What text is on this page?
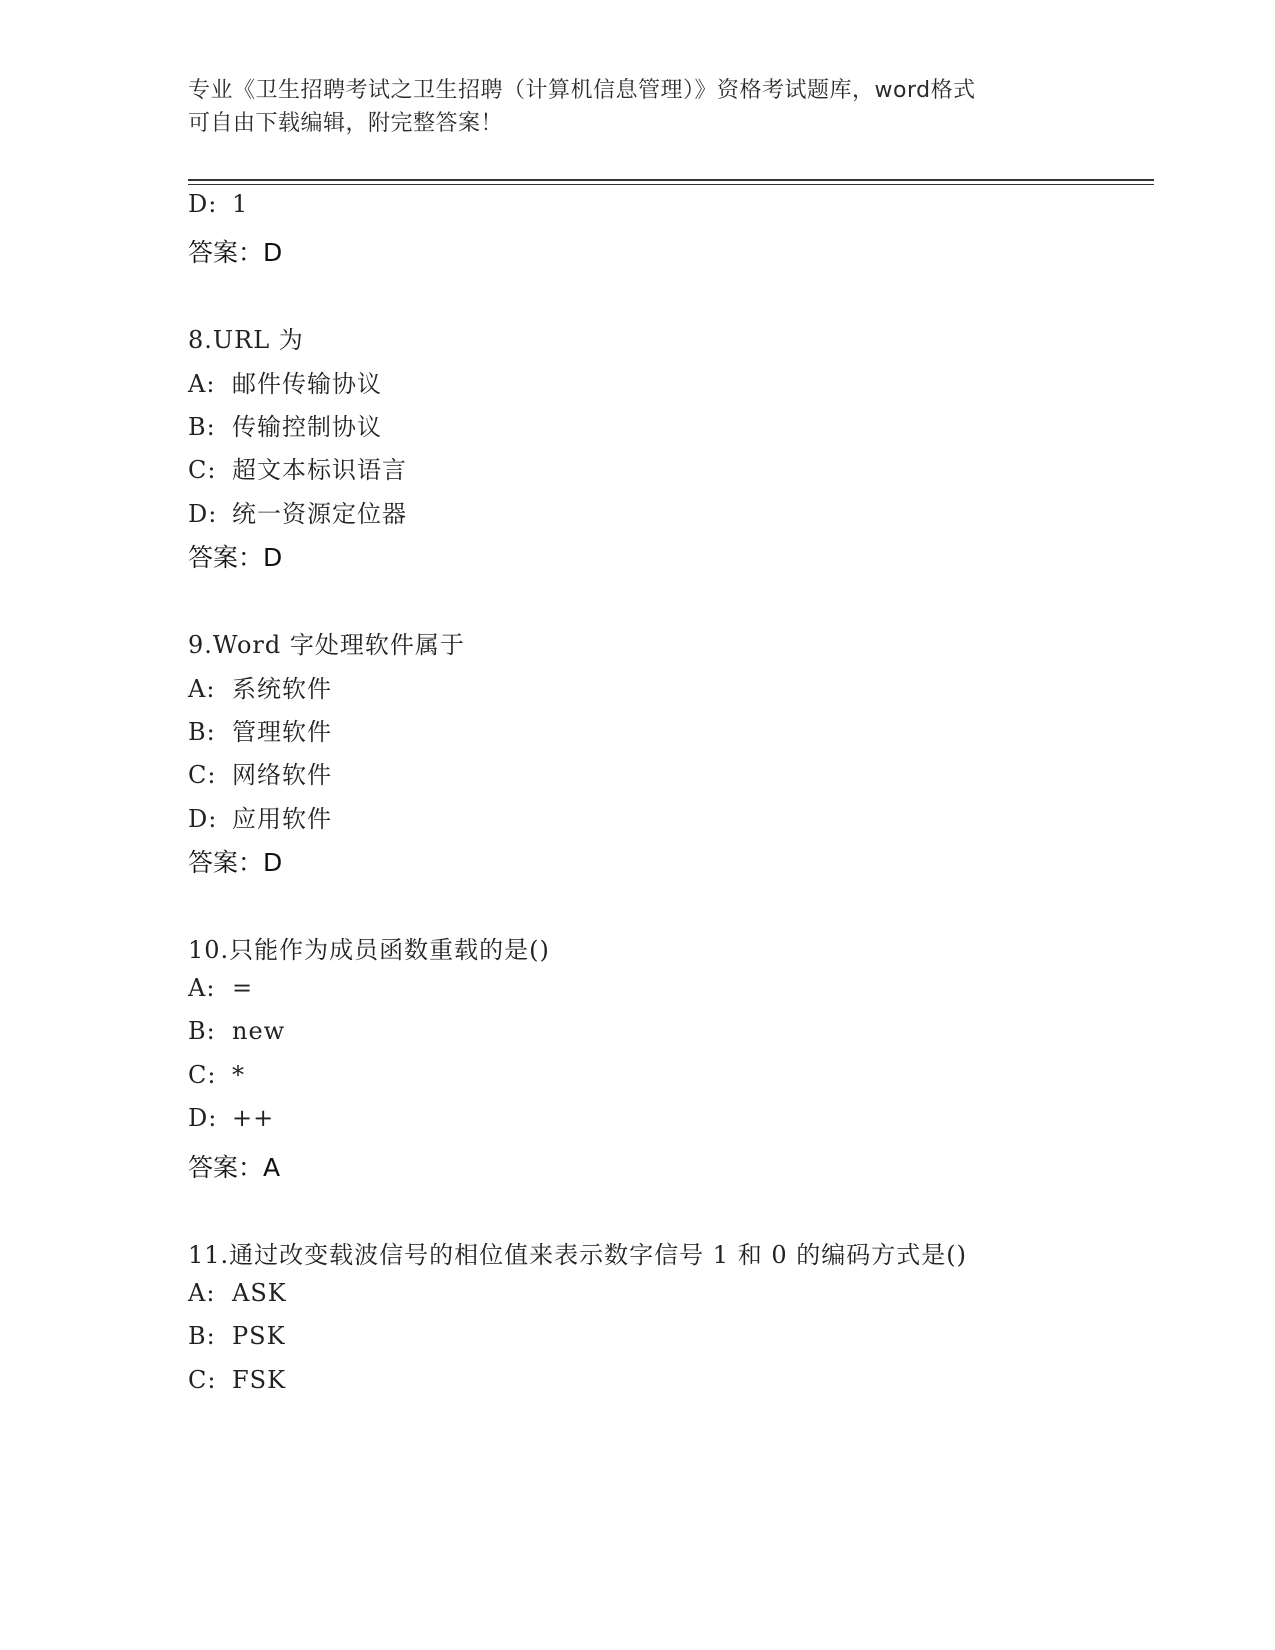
专业《卫生招聘考试之卫生招聘（计算机信息管理）》资格考试题库，word格式
可自由下载编辑，附完整答案！
D: 1
答案：D
8.URL 为
A: 邮件传输协议
B: 传输控制协议
C: 超文本标识语言
D: 统一资源定位器
答案：D
9.Word 字处理软件属于
A: 系统软件
B: 管理软件
C: 网络软件
D: 应用软件
答案：D
10.只能作为成员函数重载的是()
A: =
B: new
C: *
D: ++
答案：A
11.通过改变载波信号的相位值来表示数字信号 1 和 0 的编码方式是()
A: ASK
B: PSK
C: FSK
